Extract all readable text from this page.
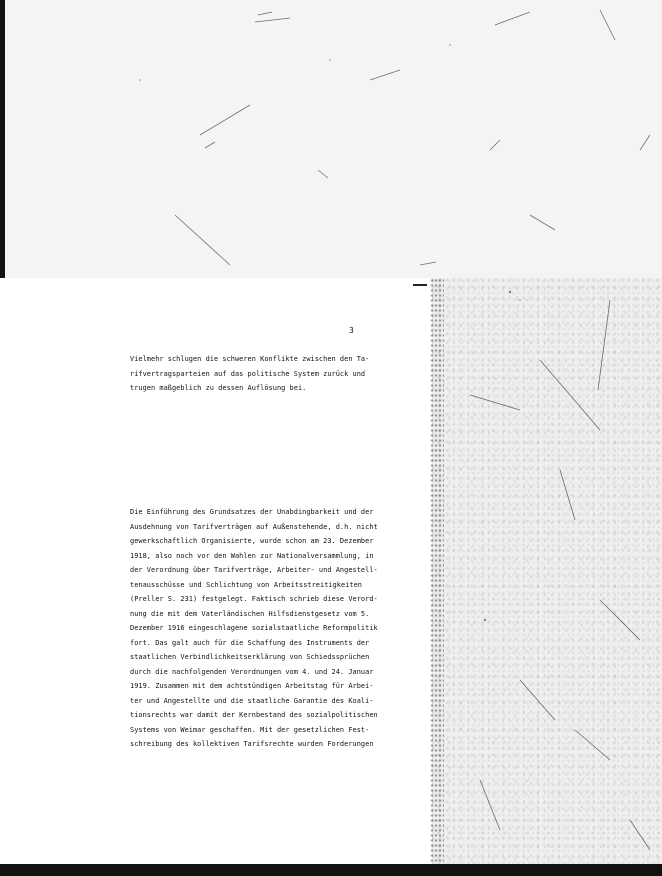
3
Vielmehr schlugen die schweren Konflikte zwischen den Ta-
rifvertragsparteien auf das politische System zurück und
trugen maßgeblich zu dessen Auflösung bei.
Die Einführung des Grundsatzes der Unabdingbarkeit und der
Ausdehnung von Tarifverträgen auf Außenstehende, d.h. nicht
gewerkschaftlich Organisierte, wurde schon am 23. Dezember
1918, also noch vor den Wahlen zur Nationalversammlung, in
der Verordnung über Tarifverträge, Arbeiter- und Angestell-
tenausschüsse und Schlichtung von Arbeitsstreitigkeiten
(Preller S. 231) festgelegt. Faktisch schrieb diese Verord-
nung die mit dem Vaterländischen Hilfsdienstgesetz vom 5.
Dezember 1916 eingeschlagene sozialstaatliche Reformpolitik
fort. Das galt auch für die Schaffung des Instruments der
staatlichen Verbindlichkeitserklärung von Schiedssprüchen
durch die nachfolgenden Verordnungen vom 4. und 24. Januar
1919. Zusammen mit dem achtstündigen Arbeitstag für Arbei-
ter und Angestellte und die staatliche Garantie des Koali-
tionsrechts war damit der Kernbestand des sozialpolitischen
Systems von Weimar geschaffen. Mit der gesetzlichen Fest-
schreibung des kollektiven Tarifsrechte wurden Forderungen
